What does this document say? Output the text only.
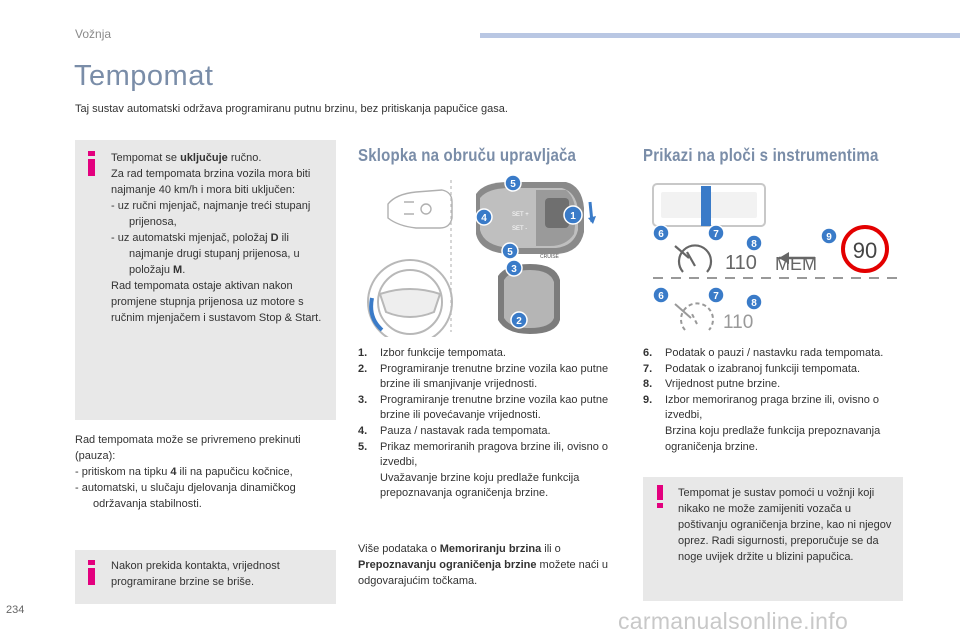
Vožnja
Tempomat
Taj sustav automatski održava programiranu putnu brzinu, bez pritiskanja papučice gasa.

Tempomat se uključuje ručno.

Za rad tempomata brzina vozila mora biti najmanje 40 km/h i mora biti uključen:

- uz ručni mjenjač, najmanje treći stupanj prijenosa,

- uz automatski mjenjač, položaj D ili najmanje drugi stupanj prijenosa, u položaju M.

Rad tempomata ostaje aktivan nakon promjene stupnja prijenosa uz motore s ručnim mjenjačem i sustavom Stop & Start.

Rad tempomata može se privremeno prekinuti (pauza):

- pritiskom na tipku 4 ili na papučicu kočnice,

- automatski, u slučaju djelovanja dinamičkog održavanja stabilnosti.

Nakon prekida kontakta, vrijednost programirane brzine se briše.
Sklopka na obruču upravljača
SET +
SET -
CRUISE
5
4	1
5
3
2
1.	Izbor funkcije tempomata.
2.	Programiranje trenutne brzine vozila kao putne brzine ili smanjivanje vrijednosti.
3.	Programiranje trenutne brzine vozila kao putne brzine ili povećavanje vrijednosti.
4.	Pauza / nastavak rada tempomata.
5.	Prikaz memoriranih pragova brzine ili, ovisno o izvedbi,
Uvažavanje brzine koju predlaže funkcija prepoznavanja ograničenja brzine.
Više podataka o Memoriranju brzina ili o Prepoznavanju ograničenja brzine možete naći u odgovarajućim točkama.
Prikazi na ploči s instrumentima
110 MEM
90
110
6	7
8
9
6	7
8
6.	Podatak o pauzi / nastavku rada tempomata.
7.	Podatak o izabranoj funkciji tempomata.
8.	Vrijednost putne brzine.
9.	Izbor memoriranog praga brzine ili, ovisno o izvedbi,
Brzina koju predlaže funkcija prepoznavanja ograničenja brzine.
Tempomat je sustav pomoći u vožnji koji nikako ne može zamijeniti vozača u poštivanju ograničenja brzine, kao ni njegov oprez. Radi sigurnosti, preporučuje se da noge uvijek držite u blizini papučica.
234	carmanualsonline.info
